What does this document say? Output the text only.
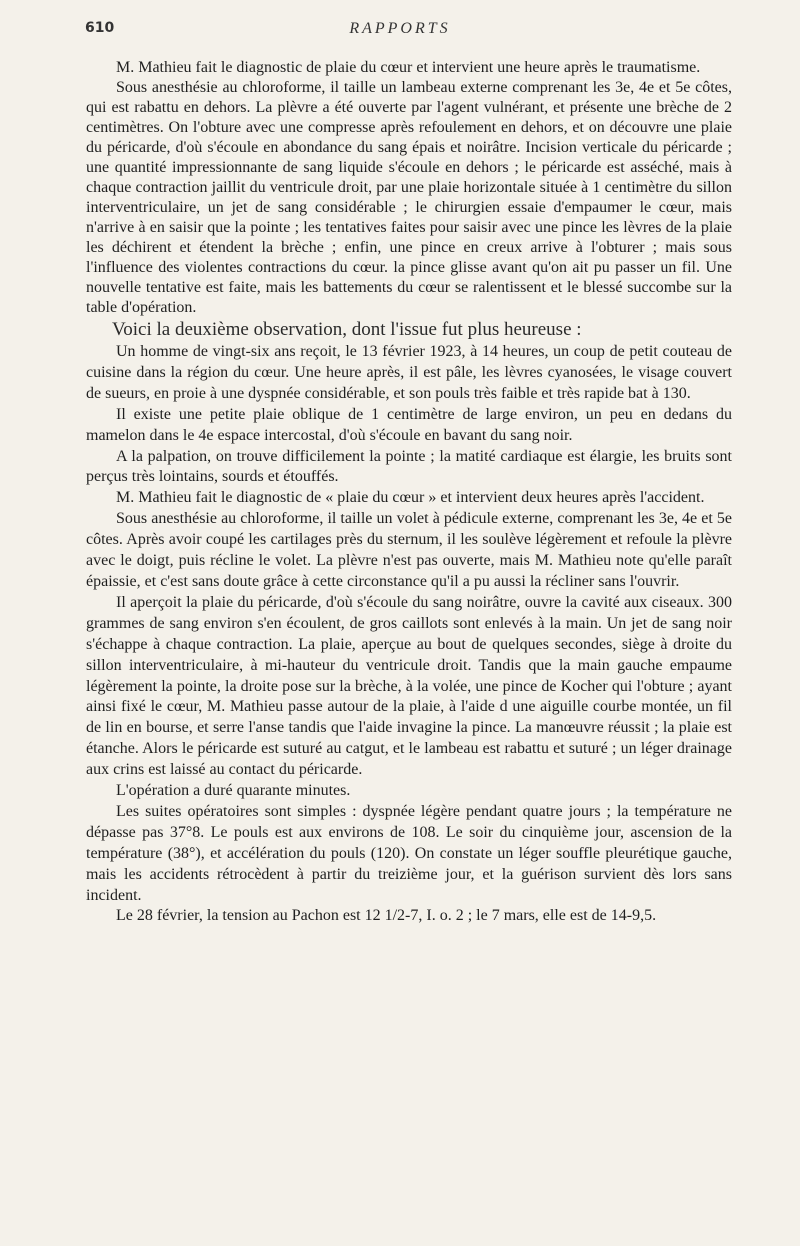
610	RAPPORTS

M. Mathieu fait le diagnostic de plaie du cœur et intervient une heure après le traumatisme.

Sous anesthésie au chloroforme, il taille un lambeau externe comprenant les 3e, 4e et 5e côtes, qui est rabattu en dehors. La plèvre a été ouverte par l'agent vulnérant, et présente une brèche de 2 centimètres. On l'obture avec une compresse après refoulement en dehors, et on découvre une plaie du péricarde, d'où s'écoule en abondance du sang épais et noirâtre. Incision verticale du péricarde ; une quantité impressionnante de sang liquide s'écoule en dehors ; le péricarde est asséché, mais à chaque contraction jaillit du ventricule droit, par une plaie horizontale située à 1 centimètre du sillon interventriculaire, un jet de sang considérable ; le chirurgien essaie d'empaumer le cœur, mais n'arrive à en saisir que la pointe ; les tentatives faites pour saisir avec une pince les lèvres de la plaie les déchirent et étendent la brèche ; enfin, une pince en creux arrive à l'obturer ; mais sous l'influence des violentes contractions du cœur. la pince glisse avant qu'on ait pu passer un fil. Une nouvelle tentative est faite, mais les battements du cœur se ralentissent et le blessé succombe sur la table d'opération.

Voici la deuxième observation, dont l'issue fut plus heureuse :

Un homme de vingt-six ans reçoit, le 13 février 1923, à 14 heures, un coup de petit couteau de cuisine dans la région du cœur. Une heure après, il est pâle, les lèvres cyanosées, le visage couvert de sueurs, en proie à une dyspnée considérable, et son pouls très faible et très rapide bat à 130.

Il existe une petite plaie oblique de 1 centimètre de large environ, un peu en dedans du mamelon dans le 4e espace intercostal, d'où s'écoule en bavant du sang noir.

A la palpation, on trouve difficilement la pointe ; la matité cardiaque est élargie, les bruits sont perçus très lointains, sourds et étouffés.

M. Mathieu fait le diagnostic de « plaie du cœur » et intervient deux heures après l'accident.

Sous anesthésie au chloroforme, il taille un volet à pédicule externe, comprenant les 3e, 4e et 5e côtes. Après avoir coupé les cartilages près du sternum, il les soulève légèrement et refoule la plèvre avec le doigt, puis récline le volet. La plèvre n'est pas ouverte, mais M. Mathieu note qu'elle paraît épaissie, et c'est sans doute grâce à cette circonstance qu'il a pu aussi la récliner sans l'ouvrir.

Il aperçoit la plaie du péricarde, d'où s'écoule du sang noirâtre, ouvre la cavité aux ciseaux. 300 grammes de sang environ s'en écoulent, de gros caillots sont enlevés à la main. Un jet de sang noir s'échappe à chaque contraction. La plaie, aperçue au bout de quelques secondes, siège à droite du sillon interventriculaire, à mi-hauteur du ventricule droit. Tandis que la main gauche empaume légèrement la pointe, la droite pose sur la brèche, à la volée, une pince de Kocher qui l'obture ; ayant ainsi fixé le cœur, M. Mathieu passe autour de la plaie, à l'aide d une aiguille courbe montée, un fil de lin en bourse, et serre l'anse tandis que l'aide invagine la pince. La manœuvre réussit ; la plaie est étanche. Alors le péricarde est suturé au catgut, et le lambeau est rabattu et suturé ; un léger drainage aux crins est laissé au contact du péricarde.

L'opération a duré quarante minutes.

Les suites opératoires sont simples : dyspnée légère pendant quatre jours ; la température ne dépasse pas 37°8. Le pouls est aux environs de 108. Le soir du cinquième jour, ascension de la température (38°), et accélération du pouls (120). On constate un léger souffle pleurétique gauche, mais les accidents rétrocèdent à partir du treizième jour, et la guérison survient dès lors sans incident.

Le 28 février, la tension au Pachon est 12 1/2-7, I. o. 2 ; le 7 mars, elle est de 14-9,5.
